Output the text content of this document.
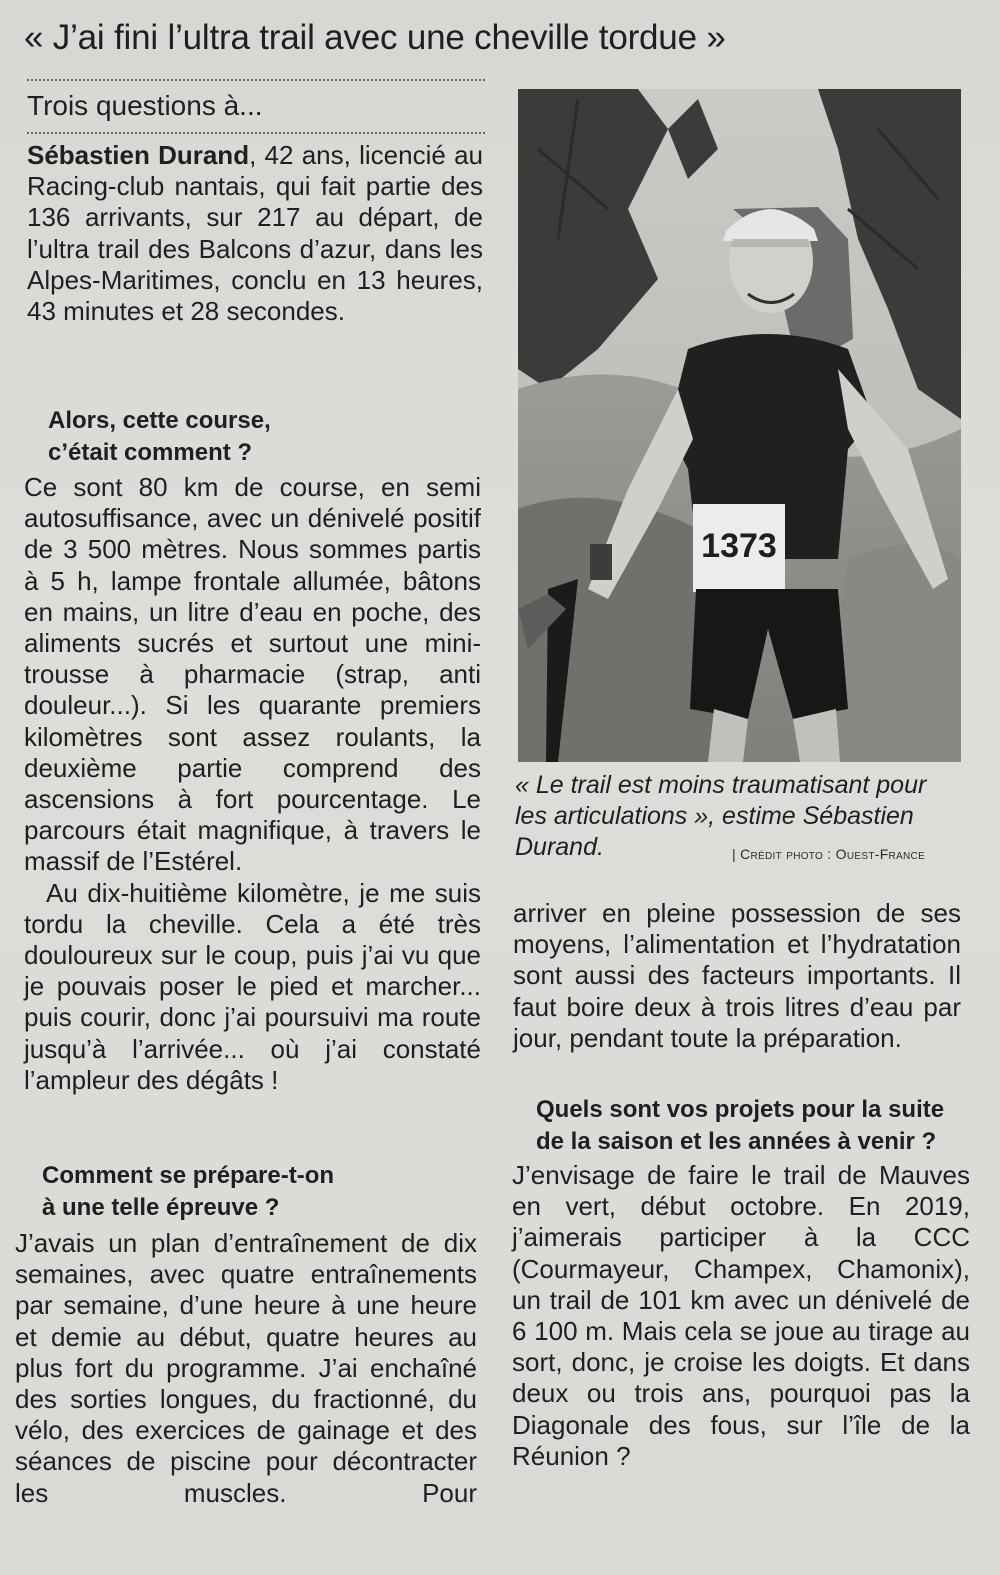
« J’ai fini l’ultra trail avec une cheville tordue »
Trois questions à...

Sébastien Durand, 42 ans, licencié au Racing-club nantais, qui fait partie des 136 arrivants, sur 217 au départ, de l’ultra trail des Balcons d’azur, dans les Alpes-Maritimes, conclu en 13 heures, 43 minutes et 28 secondes.

Alors, cette course,
c’était comment ?

Ce sont 80 km de course, en semi autosuffisance, avec un dénivelé positif de 3 500 mètres. Nous sommes partis à 5 h, lampe frontale allumée, bâtons en mains, un litre d’eau en poche, des aliments sucrés et surtout une mini-trousse à pharmacie (strap, anti douleur...). Si les quarante premiers kilomètres sont assez roulants, la deuxième partie comprend des ascensions à fort pourcentage. Le parcours était magnifique, à travers le massif de l’Estérel.

Au dix-huitième kilomètre, je me suis tordu la cheville. Cela a été très douloureux sur le coup, puis j’ai vu que je pouvais poser le pied et marcher... puis courir, donc j’ai poursuivi ma route jusqu’à l’arrivée... où j’ai constaté l’ampleur des dégâts !

Comment se prépare-t-on
à une telle épreuve ?

J’avais un plan d’entraînement de dix semaines, avec quatre entraînements par semaine, d’une heure à une heure et demie au début, quatre heures au plus fort du programme. J’ai enchaîné des sorties longues, du fractionné, du vélo, des exercices de gainage et des séances de piscine pour décontracter les muscles. Pour

1373
« Le trail est moins traumatisant pour les articulations », estime Sébastien Durand.	| Crédit photo : Ouest-France

arriver en pleine possession de ses moyens, l’alimentation et l’hydratation sont aussi des facteurs importants. Il faut boire deux à trois litres d’eau par jour, pendant toute la préparation.

Quels sont vos projets pour la suite
de la saison et les années à venir ?

J’envisage de faire le trail de Mauves en vert, début octobre. En 2019, j’aimerais participer à la CCC (Courmayeur, Champex, Chamonix), un trail de 101 km avec un dénivelé de 6 100 m. Mais cela se joue au tirage au sort, donc, je croise les doigts. Et dans deux ou trois ans, pourquoi pas la Diagonale des fous, sur l’île de la Réunion ?
